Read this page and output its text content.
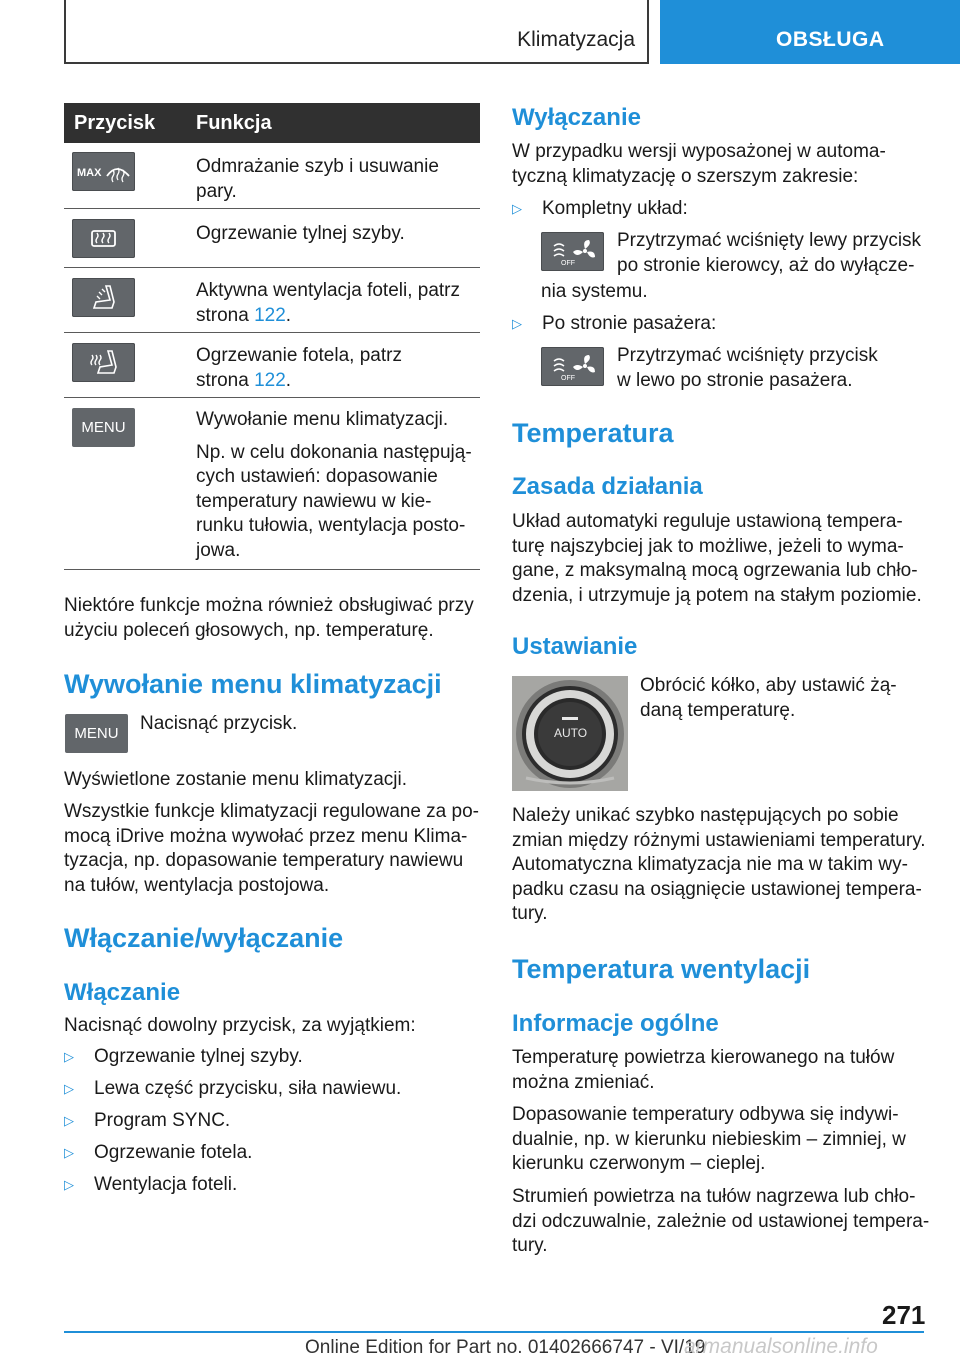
Klimatyzacja	OBSŁUGA
Przycisk Funkcja
MAX	Odmrażanie szyb i usuwanie
pary.
Ogrzewanie tylnej szyby.
Aktywna wentylacja foteli, patrz
strona 122.
Ogrzewanie fotela, patrz
strona 122.
MENU	Wywołanie menu klimatyzacji.

Np. w celu dokonania następują-
cych ustawień: dopasowanie
temperatury nawiewu w kie-
runku tułowia, wentylacja posto-
jowa.

Niektóre funkcje można również obsługiwać przy
użyciu poleceń głosowych, np. temperaturę.
Wywołanie menu klimatyzacji
MENU	Nacisnąć przycisk.
Wyświetlone zostanie menu klimatyzacji.
Wszystkie funkcje klimatyzacji regulowane za po-
mocą iDrive można wywołać przez menu Klima-
tyzacja, np. dopasowanie temperatury nawiewu
na tułów, wentylacja postojowa.
Włączanie/wyłączanie
Włączanie
Nacisnąć dowolny przycisk, za wyjątkiem:
▷ Ogrzewanie tylnej szyby.
▷ Lewa część przycisku, siła nawiewu.
▷ Program SYNC.
▷ Ogrzewanie fotela.
▷ Wentylacja foteli.
Wyłączanie
W przypadku wersji wyposażonej w automa-
tyczną klimatyzację o szerszym zakresie:
▷ Kompletny układ:
OFF
Przytrzymać wciśnięty lewy przycisk
po stronie kierowcy, aż do wyłącze-
nia systemu.
▷ Po stronie pasażera:
OFF
Przytrzymać wciśnięty przycisk
w lewo po stronie pasażera.
Temperatura
Zasada działania
Układ automatyki reguluje ustawioną tempera-
turę najszybciej jak to możliwe, jeżeli to wyma-
gane, z maksymalną mocą ogrzewania lub chło-
dzenia, i utrzymuje ją potem na stałym poziomie.
Ustawianie
AUTO
Obrócić kółko, aby ustawić żą-
daną temperaturę.
Należy unikać szybko następujących po sobie
zmian między różnymi ustawieniami temperatury.
Automatyczna klimatyzacja nie ma w takim wy-
padku czasu na osiągnięcie ustawionej tempera-
tury.
Temperatura wentylacji
Informacje ogólne
Temperaturę powietrza kierowanego na tułów
można zmieniać.
Dopasowanie temperatury odbywa się indywi-
dualnie, np. w kierunku niebieskim – zimniej, w
kierunku czerwonym – cieplej.
Strumień powietrza na tułów nagrzewa lub chło-
dzi odczuwalnie, zależnie od ustawionej tempera-
tury.
271
Online Edition for Part no. 01402666747 - VI/19
armanualsonline.info
